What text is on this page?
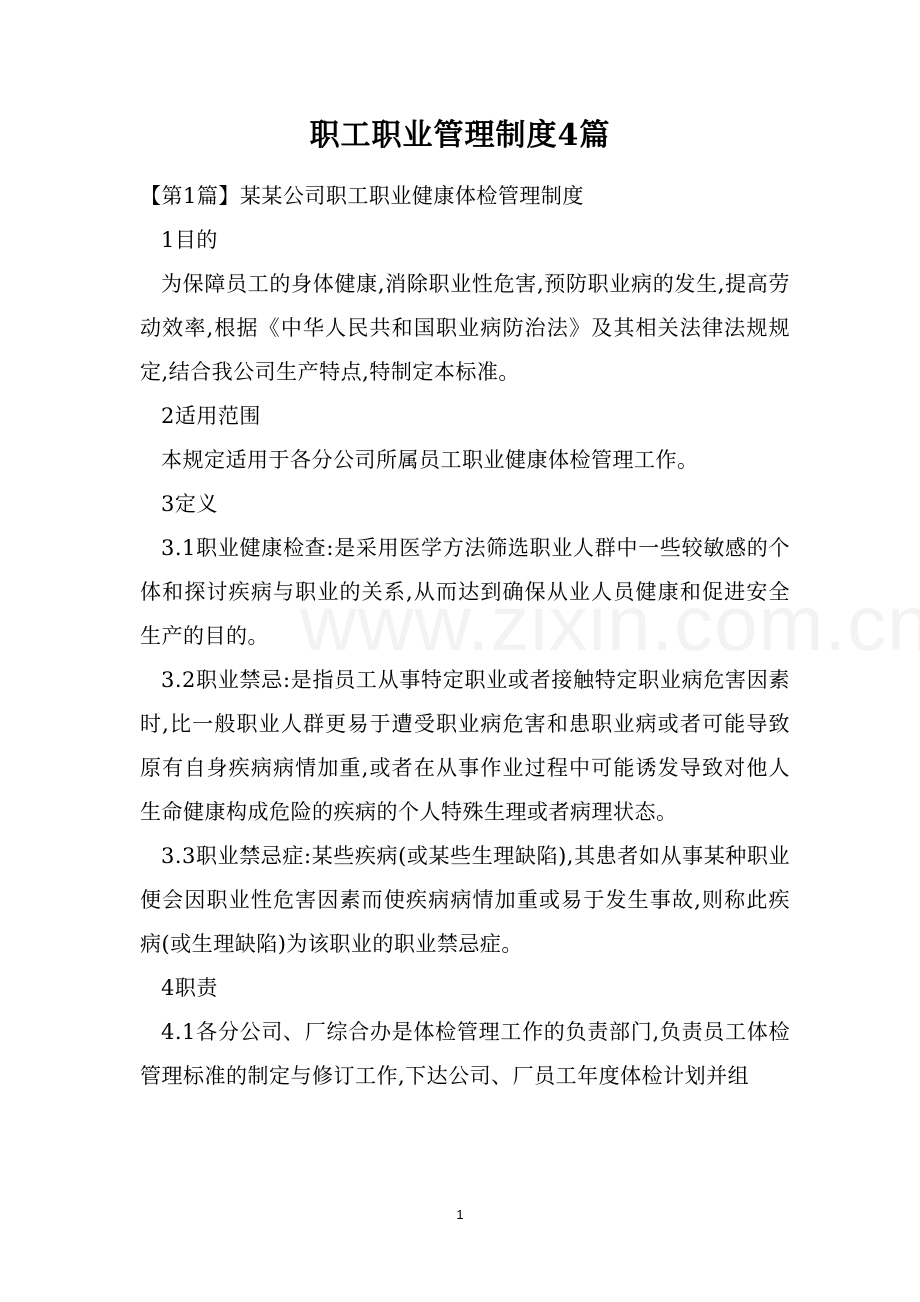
职工职业管理制度4篇

【第1篇】某某公司职工职业健康体检管理制度

1目的

为保障员工的身体健康,消除职业性危害,预防职业病的发生,提高劳动效率,根据《中华人民共和国职业病防治法》及其相关法律法规规定,结合我公司生产特点,特制定本标准。

2适用范围

本规定适用于各分公司所属员工职业健康体检管理工作。

3定义

3.1职业健康检查:是采用医学方法筛选职业人群中一些较敏感的个体和探讨疾病与职业的关系,从而达到确保从业人员健康和促进安全生产的目的。

3.2职业禁忌:是指员工从事特定职业或者接触特定职业病危害因素时,比一般职业人群更易于遭受职业病危害和患职业病或者可能导致原有自身疾病病情加重,或者在从事作业过程中可能诱发导致对他人生命健康构成危险的疾病的个人特殊生理或者病理状态。

3.3职业禁忌症:某些疾病(或某些生理缺陷),其患者如从事某种职业便会因职业性危害因素而使疾病病情加重或易于发生事故,则称此疾病(或生理缺陷)为该职业的职业禁忌症。

4职责

4.1各分公司、厂综合办是体检管理工作的负责部门,负责员工体检管理标准的制定与修订工作,下达公司、厂员工年度体检计划并组

1
